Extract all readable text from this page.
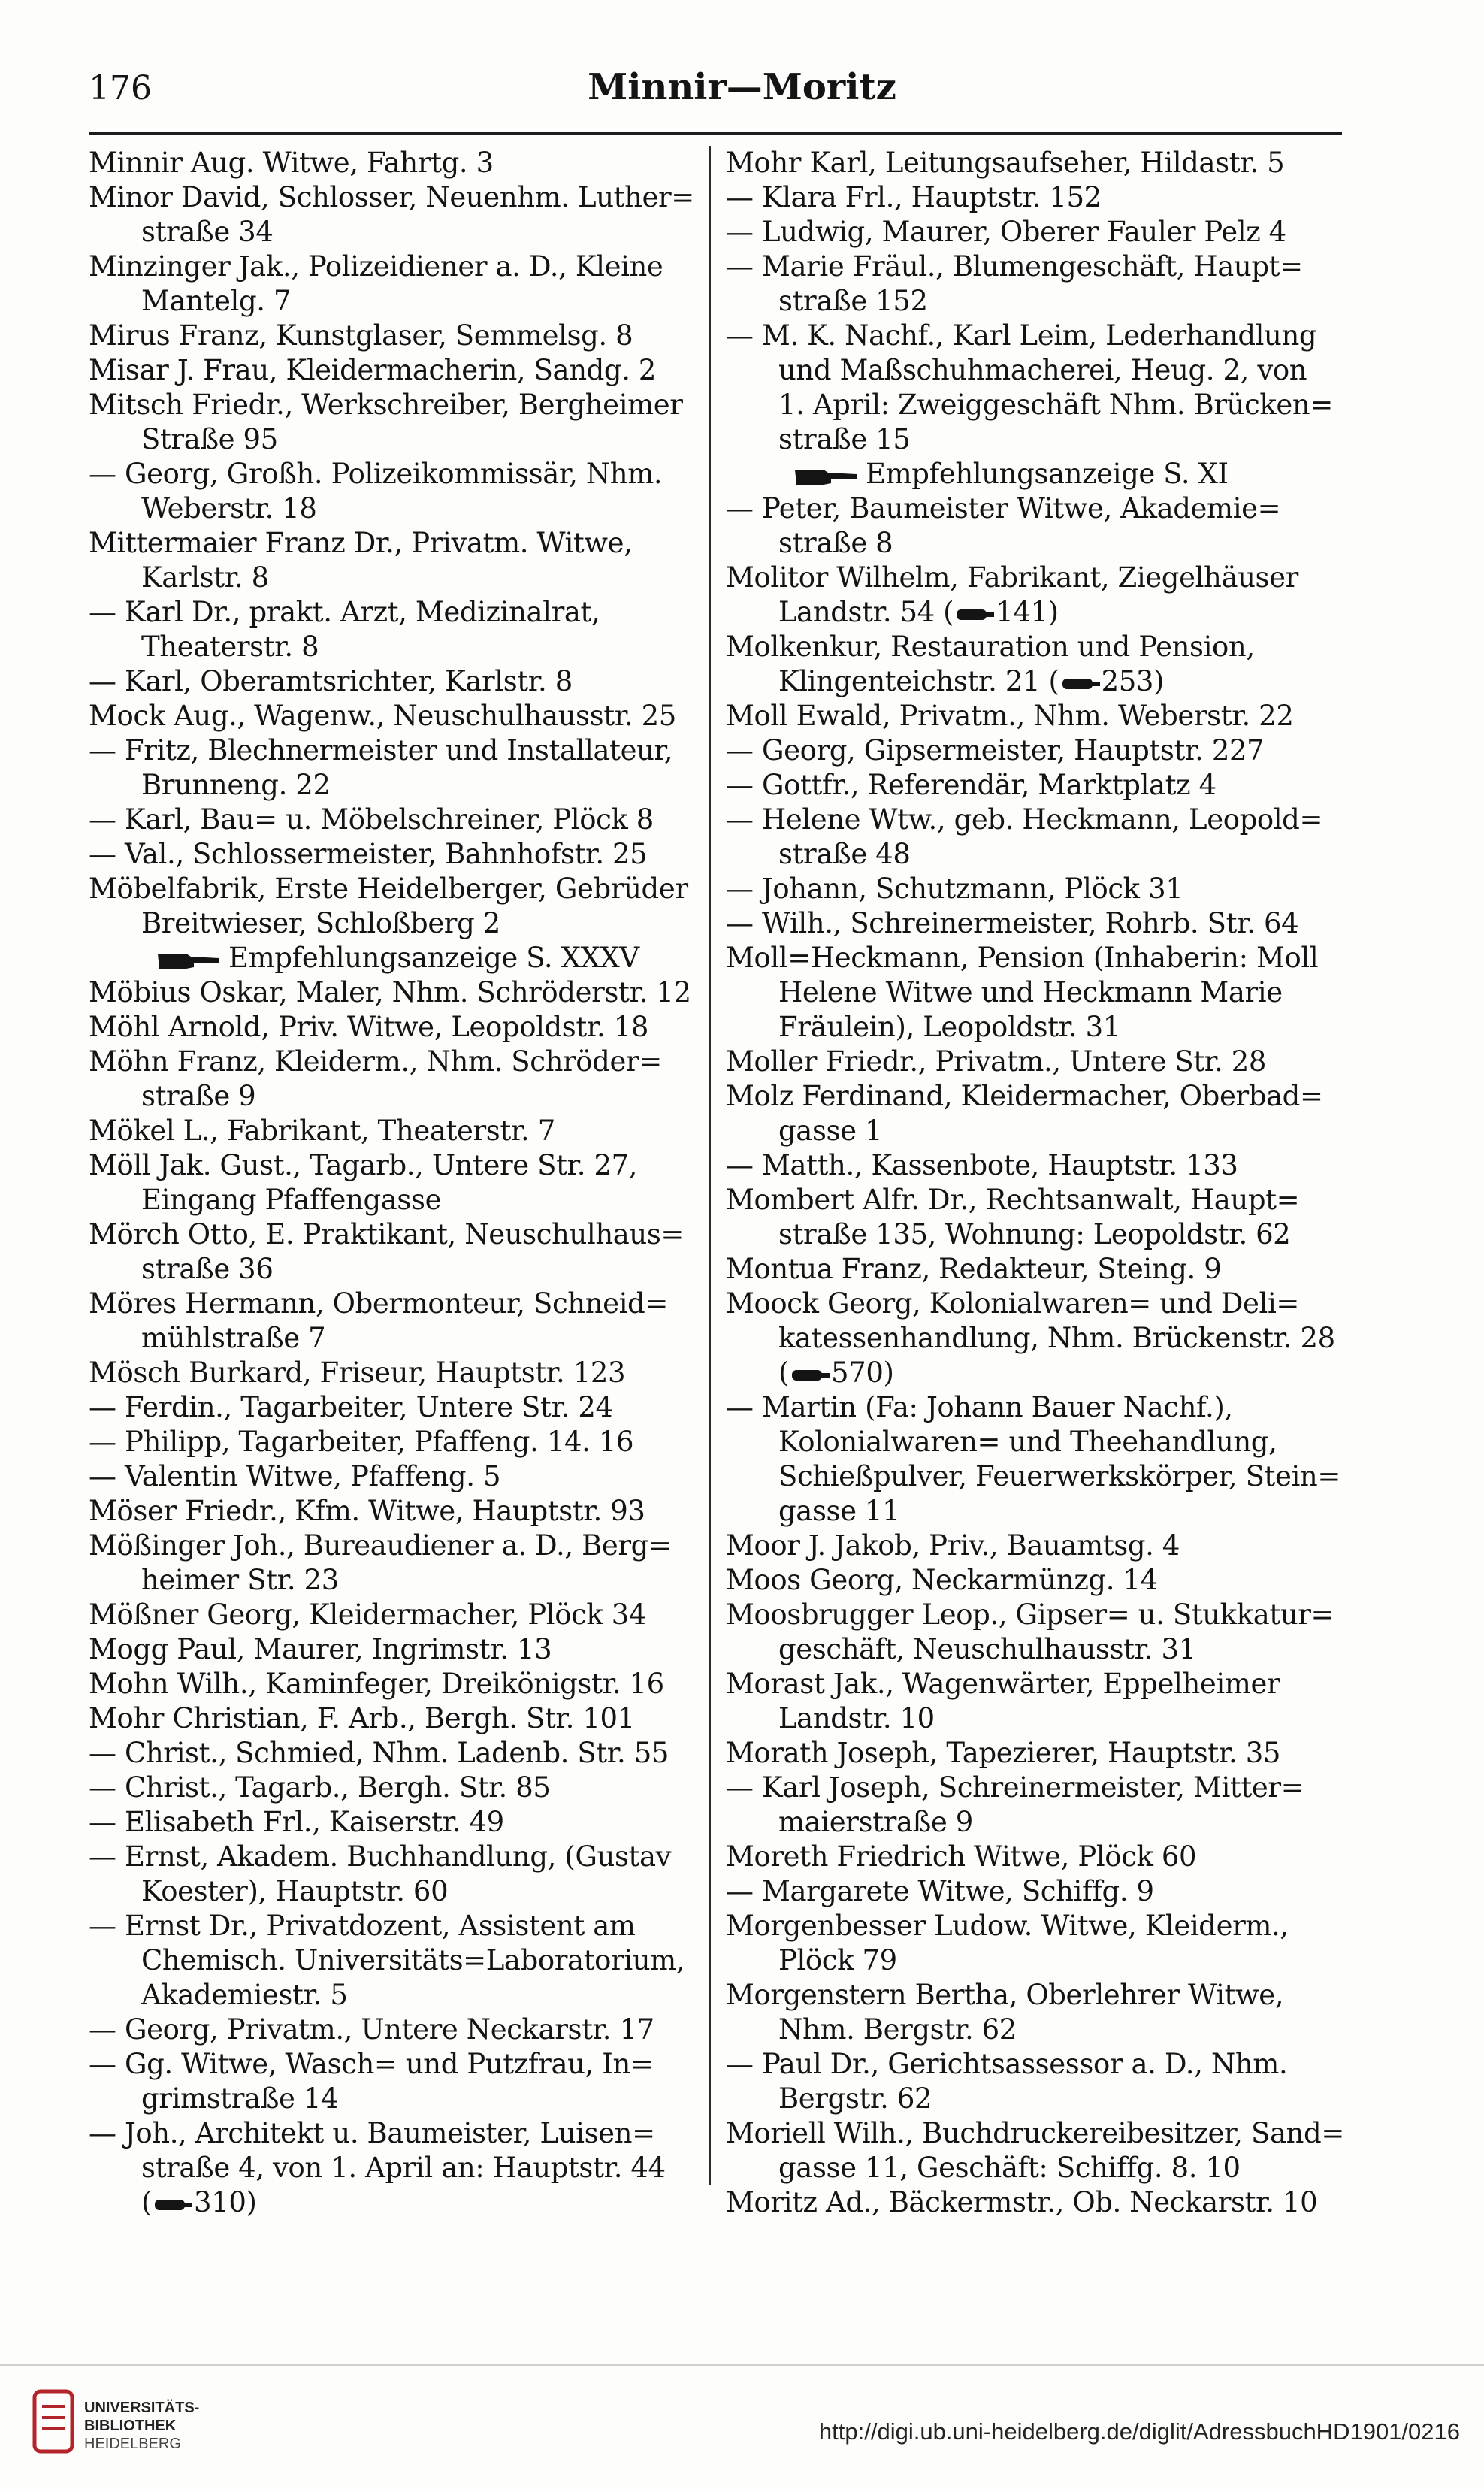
176	Minnir—Moritz
Minnir Aug. Witwe, Fahrtg. 3
Minor David, Schlosser, Neuenhm. Luther=
straße 34
Minzinger Jak., Polizeidiener a. D., Kleine
Mantelg. 7
Mirus Franz, Kunstglaser, Semmelsg. 8
Misar J. Frau, Kleidermacherin, Sandg. 2
Mitsch Friedr., Werkschreiber, Bergheimer
Straße 95
— Georg, Großh. Polizeikommissär, Nhm.
Weberstr. 18
Mittermaier Franz Dr., Privatm. Witwe,
Karlstr. 8
— Karl Dr., prakt. Arzt, Medizinalrat,
Theaterstr. 8
— Karl, Oberamtsrichter, Karlstr. 8
Mock Aug., Wagenw., Neuschulhausstr. 25
— Fritz, Blechnermeister und Installateur,
Brunneng. 22
— Karl, Bau= u. Möbelschreiner, Plöck 8
— Val., Schlossermeister, Bahnhofstr. 25
Möbelfabrik, Erste Heidelberger, Gebrüder
Breitwieser, Schloßberg 2
Empfehlungsanzeige S. XXXV
Möbius Oskar, Maler, Nhm. Schröderstr. 12
Möhl Arnold, Priv. Witwe, Leopoldstr. 18
Möhn Franz, Kleiderm., Nhm. Schröder=
straße 9
Mökel L., Fabrikant, Theaterstr. 7
Möll Jak. Gust., Tagarb., Untere Str. 27,
Eingang Pfaffengasse
Mörch Otto, E. Praktikant, Neuschulhaus=
straße 36
Möres Hermann, Obermonteur, Schneid=
mühlstraße 7
Mösch Burkard, Friseur, Hauptstr. 123
— Ferdin., Tagarbeiter, Untere Str. 24
— Philipp, Tagarbeiter, Pfaffeng. 14. 16
— Valentin Witwe, Pfaffeng. 5
Möser Friedr., Kfm. Witwe, Hauptstr. 93
Mößinger Joh., Bureaudiener a. D., Berg=
heimer Str. 23
Mößner Georg, Kleidermacher, Plöck 34
Mogg Paul, Maurer, Ingrimstr. 13
Mohn Wilh., Kaminfeger, Dreikönigstr. 16
Mohr Christian, F. Arb., Bergh. Str. 101
— Christ., Schmied, Nhm. Ladenb. Str. 55
— Christ., Tagarb., Bergh. Str. 85
— Elisabeth Frl., Kaiserstr. 49
— Ernst, Akadem. Buchhandlung, (Gustav
Koester), Hauptstr. 60
— Ernst Dr., Privatdozent, Assistent am
Chemisch. Universitäts=Laboratorium,
Akademiestr. 5
— Georg, Privatm., Untere Neckarstr. 17
— Gg. Witwe, Wasch= und Putzfrau, In=
grimstraße 14
— Joh., Architekt u. Baumeister, Luisen=
straße 4, von 1. April an: Hauptstr. 44
( 310)
Mohr Karl, Leitungsaufseher, Hildastr. 5
— Klara Frl., Hauptstr. 152
— Ludwig, Maurer, Oberer Fauler Pelz 4
— Marie Fräul., Blumengeschäft, Haupt=
straße 152
— M. K. Nachf., Karl Leim, Lederhandlung
und Maßschuhmacherei, Heug. 2, von
1. April: Zweiggeschäft Nhm. Brücken=
straße 15
Empfehlungsanzeige S. XI
— Peter, Baumeister Witwe, Akademie=
straße 8
Molitor Wilhelm, Fabrikant, Ziegelhäuser
Landstr. 54 ( 141)
Molkenkur, Restauration und Pension,
Klingenteichstr. 21 ( 253)
Moll Ewald, Privatm., Nhm. Weberstr. 22
— Georg, Gipsermeister, Hauptstr. 227
— Gottfr., Referendär, Marktplatz 4
— Helene Wtw., geb. Heckmann, Leopold=
straße 48
— Johann, Schutzmann, Plöck 31
— Wilh., Schreinermeister, Rohrb. Str. 64
Moll=Heckmann, Pension (Inhaberin: Moll
Helene Witwe und Heckmann Marie
Fräulein), Leopoldstr. 31
Moller Friedr., Privatm., Untere Str. 28
Molz Ferdinand, Kleidermacher, Oberbad=
gasse 1
— Matth., Kassenbote, Hauptstr. 133
Mombert Alfr. Dr., Rechtsanwalt, Haupt=
straße 135, Wohnung: Leopoldstr. 62
Montua Franz, Redakteur, Steing. 9
Moock Georg, Kolonialwaren= und Deli=
katessenhandlung, Nhm. Brückenstr. 28
( 570)
— Martin (Fa: Johann Bauer Nachf.),
Kolonialwaren= und Theehandlung,
Schießpulver, Feuerwerkskörper, Stein=
gasse 11
Moor J. Jakob, Priv., Bauamtsg. 4
Moos Georg, Neckarmünzg. 14
Moosbrugger Leop., Gipser= u. Stukkatur=
geschäft, Neuschulhausstr. 31
Morast Jak., Wagenwärter, Eppelheimer
Landstr. 10
Morath Joseph, Tapezierer, Hauptstr. 35
— Karl Joseph, Schreinermeister, Mitter=
maierstraße 9
Moreth Friedrich Witwe, Plöck 60
— Margarete Witwe, Schiffg. 9
Morgenbesser Ludow. Witwe, Kleiderm.,
Plöck 79
Morgenstern Bertha, Oberlehrer Witwe,
Nhm. Bergstr. 62
— Paul Dr., Gerichtsassessor a. D., Nhm.
Bergstr. 62
Moriell Wilh., Buchdruckereibesitzer, Sand=
gasse 11, Geschäft: Schiffg. 8. 10
Moritz Ad., Bäckermstr., Ob. Neckarstr. 10
UNIVERSITÄTS-
BIBLIOTHEK
HEIDELBERG	http://digi.ub.uni-heidelberg.de/diglit/AdressbuchHD1901/0216
